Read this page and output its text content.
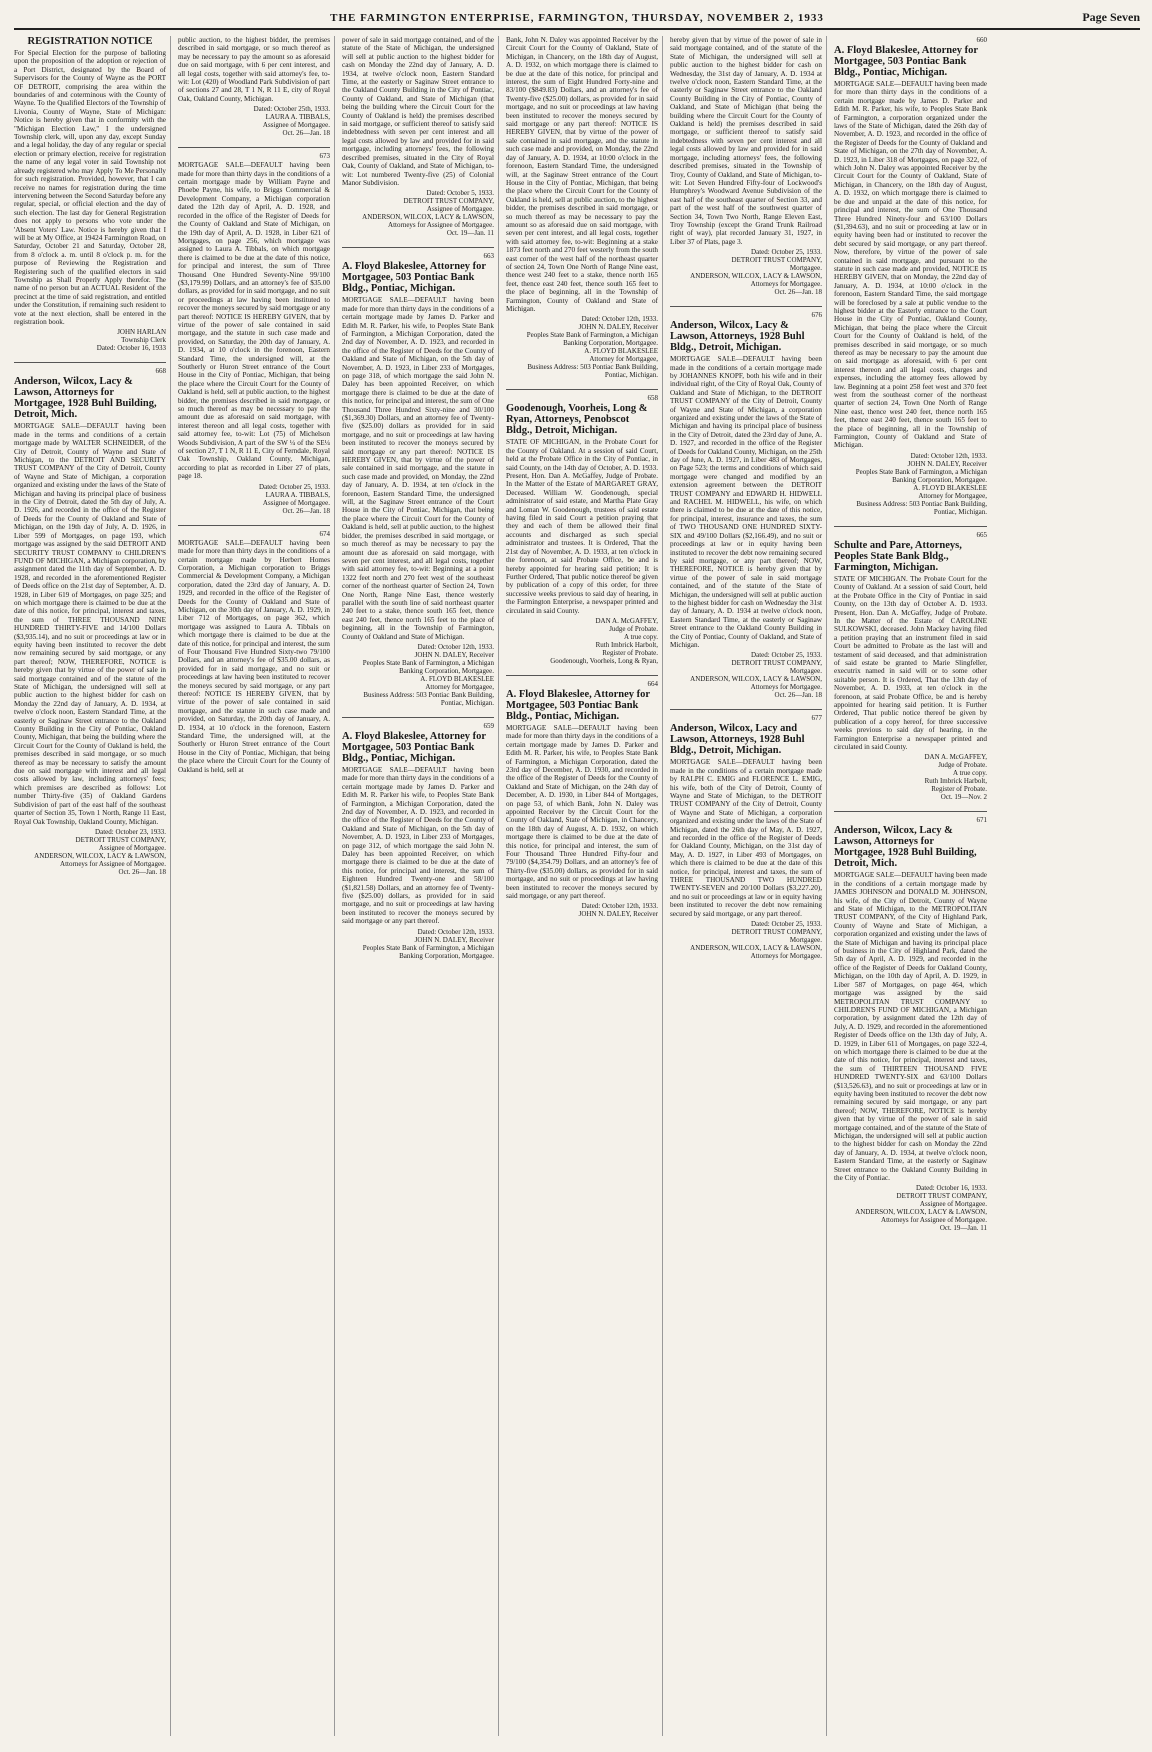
THE FARMINGTON ENTERPRISE, FARMINGTON, THURSDAY, NOVEMBER 2, 1933	Page Seven

REGISTRATION NOTICE

For Special Election for the purpose of balloting upon the proposition of the adoption or rejection of a Port District, designated by the Board of Supervisors for the County of Wayne as the PORT OF DETROIT, comprising the area within the boundaries of and coterminous with the County of Wayne. To the Qualified Electors of the Township of Livonia, County of Wayne, State of Michigan: Notice is hereby given that in conformity with the "Michigan Election Law," I the undersigned Township clerk, will, upon any day, except Sunday and a legal holiday, the day of any regular or special election or primary election, receive for registration the name of any legal voter in said Township not already registered who may Apply To Me Personally for such registration. Provided, however, that I can receive no names for registration during the time intervening between the Second Saturday before any regular, special, or official election and the day of such election. The last day for General Registration does not apply to persons who vote under the 'Absent Voters' Law. Notice is hereby given that I will be at My Office, at 19424 Farmington Road, on Saturday, October 21 and Saturday, October 28, from 8 o'clock a. m. until 8 o'clock p. m. for the purpose of Reviewing the Registration and Registering such of the qualified electors in said Township as Shall Properly Apply therefor. The name of no person but an ACTUAL Resident of the precinct at the time of said registration, and entitled under the Constitution, if remaining such resident to vote at the next election, shall be entered in the registration book.

JOHN HARLAN
Township Clerk
Dated: October 16, 1933
668

Anderson, Wilcox, Lacy & Lawson, Attorneys for Mortgagee, 1928 Buhl Building, Detroit, Mich.

MORTGAGE SALE—DEFAULT having been made in the terms and conditions of a certain mortgage made by WALTER SCHNEIDER, of the City of Detroit, County of Wayne and State of Michigan, to the DETROIT AND SECURITY TRUST COMPANY of the City of Detroit, County of Wayne and State of Michigan, a corporation organized and existing under the laws of the State of Michigan and having its principal place of business in the City of Detroit, dated the 5th day of July, A. D. 1926, and recorded in the office of the Register of Deeds for the County of Oakland and State of Michigan, on the 19th day of July, A. D. 1926, in Liber 599 of Mortgages, on page 193, which mortgage was assigned by the said DETROIT AND SECURITY TRUST COMPANY to CHILDREN'S FUND OF MICHIGAN, a Michigan corporation, by assignment dated the 11th day of September, A. D. 1928, and recorded in the aforementioned Register of Deeds office on the 21st day of September, A. D. 1928, in Liber 619 of Mortgages, on page 325; and on which mortgage there is claimed to be due at the date of this notice, for principal, interest and taxes, the sum of THREE THOUSAND NINE HUNDRED THIRTY-FIVE and 14/100 Dollars ($3,935.14), and no suit or proceedings at law or in equity having been instituted to recover the debt now remaining secured by said mortgage, or any part thereof; NOW, THEREFORE, NOTICE is hereby given that by virtue of the power of sale in said mortgage contained and of the statute of the State of Michigan, the undersigned will sell at public auction to the highest bidder for cash on Monday the 22nd day of January, A. D. 1934, at twelve o'clock noon, Eastern Standard Time, at the easterly or Saginaw Street entrance to the Oakland County Building in the City of Pontiac, Oakland County, Michigan, that being the building where the Circuit Court for the County of Oakland is held, the premises described in said mortgage, or so much thereof as may be necessary to satisfy the amount due on said mortgage with interest and all legal costs allowed by law, including attorneys' fees; which premises are described as follows: Lot number Thirty-five (35) of Oakland Gardens Subdivision of part of the east half of the southeast quarter of Section 35, Town 1 North, Range 11 East, Royal Oak Township, Oakland County, Michigan.

Dated: October 23, 1933.
DETROIT TRUST COMPANY,
Assignee of Mortgagee.
ANDERSON, WILCOX, LACY & LAWSON,
Attorneys for Assignee of Mortgagee.
Oct. 26—Jan. 18

public auction, to the highest bidder, the premises described in said mortgage, or so much thereof as may be necessary to pay the amount so as aforesaid due on said mortgage, with 6 per cent interest, and all legal costs, together with said attorney's fee, to-wit: Lot (420) of Woodland Park Subdivision of part of sections 27 and 28, T 1 N, R 11 E, city of Royal Oak, Oakland County, Michigan.

Dated: October 25th, 1933.
LAURA A. TIBBALS,
Assignee of Mortgagee.
Oct. 26—Jan. 18
673

MORTGAGE SALE—DEFAULT having been made for more than thirty days in the conditions of a certain mortgage made by William Payne and Phoebe Payne, his wife, to Briggs Commercial & Development Company, a Michigan corporation dated the 12th day of April, A. D. 1928, and recorded in the office of the Register of Deeds for the County of Oakland and State of Michigan, on the 19th day of April, A. D. 1928, in Liber 621 of Mortgages, on page 256, which mortgage was assigned to Laura A. Tibbals, on which mortgage there is claimed to be due at the date of this notice, for principal and interest, the sum of Three Thousand One Hundred Seventy-Nine 99/100 ($3,179.99) Dollars, and an attorney's fee of $35.00 dollars, as provided for in said mortgage, and no suit or proceedings at law having been instituted to recover the moneys secured by said mortgage or any part thereof: NOTICE IS HEREBY GIVEN, that by virtue of the power of sale contained in said mortgage, and the statute in such case made and provided, on Saturday, the 20th day of January, A. D. 1934, at 10 o'clock in the forenoon, Eastern Standard Time, the undersigned will, at the Southerly or Huron Street entrance of the Court House in the City of Pontiac, Michigan, that being the place where the Circuit Court for the County of Oakland is held, sell at public auction, to the highest bidder, the premises described in said mortgage, or so much thereof as may be necessary to pay the amount due as aforesaid on said mortgage, with interest thereon and all legal costs, together with said attorney fee, to-wit: Lot (75) of Michelson Woods Subdivision, A part of the SW ¼ of the SE¼ of section 27, T 1 N, R 11 E, City of Ferndale, Royal Oak Township, Oakland County, Michigan, according to plat as recorded in Liber 27 of plats, page 18.

Dated: October 25, 1933.
LAURA A. TIBBALS,
Assignee of Mortgagee.
Oct. 26—Jan. 18
674

MORTGAGE SALE—DEFAULT having been made for more than thirty days in the conditions of a certain mortgage made by Herbert Homes Corporation, a Michigan corporation to Briggs Commercial & Development Company, a Michigan corporation, dated the 23rd day of January, A. D. 1929, and recorded in the office of the Register of Deeds for the County of Oakland and State of Michigan, on the 30th day of January, A. D. 1929, in Liber 712 of Mortgages, on page 362, which mortgage was assigned to Laura A. Tibbals on which mortgage there is claimed to be due at the date of this notice, for principal and interest, the sum of Four Thousand Five Hundred Sixty-two 79/100 Dollars, and an attorney's fee of $35.00 dollars, as provided for in said mortgage, and no suit or proceedings at law having been instituted to recover the moneys secured by said mortgage, or any part thereof: NOTICE IS HEREBY GIVEN, that by virtue of the power of sale contained in said mortgage, and the statute in such case made and provided, on Saturday, the 20th day of January, A. D. 1934, at 10 o'clock in the forenoon, Eastern Standard Time, the undersigned will, at the Southerly or Huron Street entrance of the Court House in the City of Pontiac, Michigan, that being the place where the Circuit Court for the County of Oakland is held, sell at

power of sale in said mortgage contained, and of the statute of the State of Michigan, the undersigned will sell at public auction to the highest bidder for cash on Monday the 22nd day of January, A. D. 1934, at twelve o'clock noon, Eastern Standard Time, at the easterly or Saginaw Street entrance to the Oakland County Building in the City of Pontiac, County of Oakland, and State of Michigan (that being the building where the Circuit Court for the County of Oakland is held) the premises described in said mortgage, or sufficient thereof to satisfy said indebtedness with seven per cent interest and all legal costs allowed by law and provided for in said mortgage, including attorneys' fees, the following described premises, situated in the City of Royal Oak, County of Oakland, and State of Michigan, to-wit: Lot numbered Twenty-five (25) of Colonial Manor Subdivision.

Dated: October 5, 1933.
DETROIT TRUST COMPANY,
Assignee of Mortgagee.
ANDERSON, WILCOX, LACY & LAWSON,
Attorneys for Assignee of Mortgagee.
Oct. 19—Jan. 11
663

A. Floyd Blakeslee, Attorney for Mortgagee, 503 Pontiac Bank Bldg., Pontiac, Michigan.

MORTGAGE SALE—DEFAULT having been made for more than thirty days in the conditions of a certain mortgage made by James D. Parker and Edith M. R. Parker, his wife, to Peoples State Bank of Farmington, a Michigan Corporation, dated the 2nd day of November, A. D. 1923, and recorded in the office of the Register of Deeds for the County of Oakland and State of Michigan, on the 5th day of November, A. D. 1923, in Liber 233 of Mortgages, on page 318, of which mortgage the said John N. Daley has been appointed Receiver, on which mortgage there is claimed to be due at the date of this notice, for principal and interest, the sum of One Thousand Three Hundred Sixty-nine and 30/100 ($1,369.30) Dollars, and an attorney fee of Twenty-five ($25.00) dollars as provided for in said mortgage, and no suit or proceedings at law having been instituted to recover the moneys secured by said mortgage or any part thereof: NOTICE IS HEREBY GIVEN, that by virtue of the power of sale contained in said mortgage, and the statute in such case made and provided, on Monday, the 22nd day of January, A. D. 1934, at ten o'clock in the forenoon, Eastern Standard Time, the undersigned will, at the Saginaw Street entrance of the Court House in the City of Pontiac, Michigan, that being the place where the Circuit Court for the County of Oakland is held, sell at public auction, to the highest bidder, the premises described in said mortgage, or so much thereof as may be necessary to pay the amount due as aforesaid on said mortgage, with seven per cent interest, and all legal costs, together with said attorney fee, to-wit: Beginning at a point 1322 feet north and 270 feet west of the southeast corner of the northeast quarter of Section 24, Town One North, Range Nine East, thence westerly parallel with the south line of said northeast quarter 240 feet to a stake, thence south 165 feet, thence east 240 feet, thence north 165 feet to the place of beginning, all in the Township of Farmington, County of Oakland and State of Michigan.

Dated: October 12th, 1933.
JOHN N. DALEY, Receiver
Peoples State Bank of Farmington, a Michigan Banking Corporation, Mortgagee.
A. FLOYD BLAKESLEE
Attorney for Mortgagee,
Business Address: 503 Pontiac Bank Building, Pontiac, Michigan.
659

A. Floyd Blakeslee, Attorney for Mortgagee, 503 Pontiac Bank Bldg., Pontiac, Michigan.

MORTGAGE SALE—DEFAULT having been made for more than thirty days in the conditions of a certain mortgage made by James D. Parker and Edith M. R. Parker his wife, to Peoples State Bank of Farmington, a Michigan Corporation, dated the 2nd day of November, A. D. 1923, and recorded in the office of the Register of Deeds for the County of Oakland and State of Michigan, on the 5th day of November, A. D. 1923, in Liber 233 of Mortgages, on page 312, of which mortgage the said John N. Daley has been appointed Receiver, on which mortgage there is claimed to be due at the date of this notice, for principal and interest, the sum of Eighteen Hundred Twenty-one and 58/100 ($1,821.58) Dollars, and an attorney fee of Twenty-five ($25.00) dollars, as provided for in said mortgage, and no suit or proceedings at law having been instituted to recover the moneys secured by said mortgage or any part thereof.

Dated: October 12th, 1933.
JOHN N. DALEY, Receiver
Peoples State Bank of Farmington, a Michigan Banking Corporation, Mortgagee.

Bank, John N. Daley was appointed Receiver by the Circuit Court for the County of Oakland, State of Michigan, in Chancery, on the 18th day of August, A. D. 1932, on which mortgage there is claimed to be due at the date of this notice, for principal and interest, the sum of Eight Hundred Forty-nine and 83/100 ($849.83) Dollars, and an attorney's fee of Twenty-five ($25.00) dollars, as provided for in said mortgage, and no suit or proceedings at law having been instituted to recover the moneys secured by said mortgage or any part thereof: NOTICE IS HEREBY GIVEN, that by virtue of the power of sale contained in said mortgage, and the statute in such case made and provided, on Monday, the 22nd day of January, A. D. 1934, at 10:00 o'clock in the forenoon, Eastern Standard Time, the undersigned will, at the Saginaw Street entrance of the Court House in the City of Pontiac, Michigan, that being the place where the Circuit Court for the County of Oakland is held, sell at public auction, to the highest bidder, the premises described in said mortgage, or so much thereof as may be necessary to pay the amount so as aforesaid due on said mortgage, with seven per cent interest, and all legal costs, together with said attorney fee, to-wit: Beginning at a stake 1873 feet north and 270 feet westerly from the south east corner of the west half of the northeast quarter of section 24, Town One North of Range Nine east, thence west 240 feet to a stake, thence north 165 feet, thence east 240 feet, thence south 165 feet to the place of beginning, all in the Township of Farmington, County of Oakland and State of Michigan.

Dated: October 12th, 1933.
JOHN N. DALEY, Receiver
Peoples State Bank of Farmington, a Michigan Banking Corporation, Mortgagee.
A. FLOYD BLAKESLEE
Attorney for Mortgagee,
Business Address: 503 Pontiac Bank Building, Pontiac, Michigan.
658

Goodenough, Voorheis, Long & Ryan, Attorneys, Penobscot Bldg., Detroit, Michigan.

STATE OF MICHIGAN, in the Probate Court for the County of Oakland. At a session of said Court, held at the Probate Office in the City of Pontiac, in said County, on the 14th day of October, A. D. 1933. Present, Hon. Dan A. McGaffey, Judge of Probate. In the Matter of the Estate of MARGARET GRAY, Deceased. William W. Goodenough, special administrator of said estate, and Martha Plate Gray and Loman W. Goodenough, trustees of said estate having filed in said Court a petition praying that they and each of them be allowed their final accounts and discharged as such special administrator and trustees. It is Ordered, That the 21st day of November, A. D. 1933, at ten o'clock in the forenoon, at said Probate Office, be and is hereby appointed for hearing said petition; It is Further Ordered, That public notice thereof be given by publication of a copy of this order, for three successive weeks previous to said day of hearing, in the Farmington Enterprise, a newspaper printed and circulated in said County.

DAN A. McGAFFEY,
Judge of Probate.
A true copy.
Ruth Imbrick Harbolt,
Register of Probate.
Goodenough, Voorheis, Long & Ryan,
664

A. Floyd Blakeslee, Attorney for Mortgagee, 503 Pontiac Bank Bldg., Pontiac, Michigan.

MORTGAGE SALE—DEFAULT having been made for more than thirty days in the conditions of a certain mortgage made by James D. Parker and Edith M. R. Parker, his wife, to Peoples State Bank of Farmington, a Michigan Corporation, dated the 23rd day of December, A. D. 1930, and recorded in the office of the Register of Deeds for the County of Oakland and State of Michigan, on the 24th day of December, A. D. 1930, in Liber 844 of Mortgages, on page 53, of which Bank, John N. Daley was appointed Receiver by the Circuit Court for the County of Oakland, State of Michigan, in Chancery, on the 18th day of August, A. D. 1932, on which mortgage there is claimed to be due at the date of this notice, for principal and interest, the sum of Four Thousand Three Hundred Fifty-four and 79/100 ($4,354.79) Dollars, and an attorney's fee of Thirty-five ($35.00) dollars, as provided for in said mortgage, and no suit or proceedings at law having been instituted to recover the moneys secured by said mortgage, or any part thereof.

Dated: October 12th, 1933.
JOHN N. DALEY, Receiver

hereby given that by virtue of the power of sale in said mortgage contained, and of the statute of the State of Michigan, the undersigned will sell at public auction to the highest bidder for cash on Wednesday, the 31st day of January, A. D. 1934 at twelve o'clock noon, Eastern Standard Time, at the easterly or Saginaw Street entrance to the Oakland County Building in the City of Pontiac, County of Oakland, and State of Michigan (that being the building where the Circuit Court for the County of Oakland is held) the premises described in said mortgage, or sufficient thereof to satisfy said indebtedness with seven per cent interest and all legal costs allowed by law and provided for in said mortgage, including attorneys' fees, the following described premises, situated in the Township of Troy, County of Oakland, and State of Michigan, to-wit: Lot Seven Hundred Fifty-four of Lockwood's Humphrey's Woodward Avenue Subdivision of the east half of the southeast quarter of Section 33, and part of the west half of the southwest quarter of Section 34, Town Two North, Range Eleven East, Troy Township (except the Grand Trunk Railroad right of way), plat recorded January 31, 1927, in Liber 37 of Plats, page 3.

Dated: October 25, 1933.
DETROIT TRUST COMPANY,
Mortgagee.
ANDERSON, WILCOX, LACY & LAWSON,
Attorneys for Mortgagee.
Oct. 26—Jan. 18
676

Anderson, Wilcox, Lacy & Lawson, Attorneys, 1928 Buhl Bldg., Detroit, Michigan.

MORTGAGE SALE—DEFAULT having been made in the conditions of a certain mortgage made by JOHANNES KNOPF, both his wife and in their individual right, of the City of Royal Oak, County of Oakland and State of Michigan, to the DETROIT TRUST COMPANY of the City of Detroit, County of Wayne and State of Michigan, a corporation organized and existing under the laws of the State of Michigan and having its principal place of business in the City of Detroit, dated the 23rd day of June, A. D. 1927, and recorded in the office of the Register of Deeds for Oakland County, Michigan, on the 25th day of June, A. D. 1927, in Liber 483 of Mortgages, on Page 523; the terms and conditions of which said mortgage were changed and modified by an extension agreement between the DETROIT TRUST COMPANY and EDWARD H. HIDWELL and RACHEL M. HIDWELL, his wife, on which there is claimed to be due at the date of this notice, for principal, interest, insurance and taxes, the sum of TWO THOUSAND ONE HUNDRED SIXTY-SIX and 49/100 Dollars ($2,166.49), and no suit or proceedings at law or in equity having been instituted to recover the debt now remaining secured by said mortgage, or any part thereof; NOW, THEREFORE, NOTICE is hereby given that by virtue of the power of sale in said mortgage contained, and of the statute of the State of Michigan, the undersigned will sell at public auction to the highest bidder for cash on Wednesday the 31st day of January, A. D. 1934 at twelve o'clock noon, Eastern Standard Time, at the easterly or Saginaw Street entrance to the Oakland County Building in the City of Pontiac, County of Oakland, and State of Michigan.

Dated: October 25, 1933.
DETROIT TRUST COMPANY,
Mortgagee.
ANDERSON, WILCOX, LACY & LAWSON,
Attorneys for Mortgagee.
Oct. 26—Jan. 18
677

Anderson, Wilcox, Lacy and Lawson, Attorneys, 1928 Buhl Bldg., Detroit, Michigan.

MORTGAGE SALE—DEFAULT having been made in the conditions of a certain mortgage made by RALPH C. EMIG and FLORENCE L. EMIG, his wife, both of the City of Detroit, County of Wayne and State of Michigan, to the DETROIT TRUST COMPANY of the City of Detroit, County of Wayne and State of Michigan, a corporation organized and existing under the laws of the State of Michigan, dated the 26th day of May, A. D. 1927, and recorded in the office of the Register of Deeds for Oakland County, Michigan, on the 31st day of May, A. D. 1927, in Liber 493 of Mortgages, on which there is claimed to be due at the date of this notice, for principal, interest and taxes, the sum of THREE THOUSAND TWO HUNDRED TWENTY-SEVEN and 20/100 Dollars ($3,227.20), and no suit or proceedings at law or in equity having been instituted to recover the debt now remaining secured by said mortgage, or any part thereof.

Dated: October 25, 1933.
DETROIT TRUST COMPANY,
Mortgagee.
ANDERSON, WILCOX, LACY & LAWSON,
Attorneys for Mortgagee.
660

A. Floyd Blakeslee, Attorney for Mortgagee, 503 Pontiac Bank Bldg., Pontiac, Michigan.

MORTGAGE SALE—DEFAULT having been made for more than thirty days in the conditions of a certain mortgage made by James D. Parker and Edith M. R. Parker, his wife, to Peoples State Bank of Farmington, a corporation organized under the laws of the State of Michigan, dated the 26th day of November, A. D. 1923, and recorded in the office of the Register of Deeds for the County of Oakland and State of Michigan, on the 27th day of November, A. D. 1923, in Liber 318 of Mortgages, on page 322, of which John N. Daley was appointed Receiver by the Circuit Court for the County of Oakland, State of Michigan, in Chancery, on the 18th day of August, A. D. 1932, on which mortgage there is claimed to be due and unpaid at the date of this notice, for principal and interest, the sum of One Thousand Three Hundred Ninety-four and 63/100 Dollars ($1,394.63), and no suit or proceeding at law or in equity having been had or instituted to recover the debt secured by said mortgage, or any part thereof. Now, therefore, by virtue of the power of sale contained in said mortgage, and pursuant to the statute in such case made and provided, NOTICE IS HEREBY GIVEN, that on Monday, the 22nd day of January, A. D. 1934, at 10:00 o'clock in the forenoon, Eastern Standard Time, the said mortgage will be foreclosed by a sale at public vendue to the highest bidder at the Easterly entrance to the Court House in the City of Pontiac, Oakland County, Michigan, that being the place where the Circuit Court for the County of Oakland is held, of the premises described in said mortgage, or so much thereof as may be necessary to pay the amount due on said mortgage as aforesaid, with 6 per cent interest thereon and all legal costs, charges and expenses, including the attorney fees allowed by law. Beginning at a point 258 feet west and 370 feet west from the southeast corner of the northeast quarter of section 24, Town One North of Range Nine east, thence west 240 feet, thence north 165 feet, thence east 240 feet, thence south 165 feet to the place of beginning, all in the Township of Farmington, County of Oakland and State of Michigan.

Dated: October 12th, 1933.
JOHN N. DALEY, Receiver
Peoples State Bank of Farmington, a Michigan Banking Corporation, Mortgagee.
A. FLOYD BLAKESLEE
Attorney for Mortgagee,
Business Address: 503 Pontiac Bank Building, Pontiac, Michigan.
665

Schulte and Pare, Attorneys, Peoples State Bank Bldg., Farmington, Michigan.

STATE OF MICHIGAN. The Probate Court for the County of Oakland. At a session of said Court, held at the Probate Office in the City of Pontiac in said County, on the 13th day of October A. D. 1933. Present, Hon. Dan A. McGaffey, Judge of Probate. In the Matter of the Estate of CAROLINE SULKOWSKI, deceased. John Mackey having filed a petition praying that an instrument filed in said Court be admitted to Probate as the last will and testament of said deceased, and that administration of said estate be granted to Marie Slingfeller, executrix named in said will or to some other suitable person. It is Ordered, That the 13th day of November, A. D. 1933, at ten o'clock in the forenoon, at said Probate Office, be and is hereby appointed for hearing said petition. It is Further Ordered, That public notice thereof be given by publication of a copy hereof, for three successive weeks previous to said day of hearing, in the Farmington Enterprise a newspaper printed and circulated in said County.

DAN A. McGAFFEY,
Judge of Probate.
A true copy.
Ruth Imbrick Harbolt,
Register of Probate.
Oct. 19—Nov. 2
671

Anderson, Wilcox, Lacy & Lawson, Attorneys for Mortgagee, 1928 Buhl Building, Detroit, Mich.

MORTGAGE SALE—DEFAULT having been made in the conditions of a certain mortgage made by JAMES JOHNSON and DONALD M. JOHNSON, his wife, of the City of Detroit, County of Wayne and State of Michigan, to the METROPOLITAN TRUST COMPANY, of the City of Highland Park, County of Wayne and State of Michigan, a corporation organized and existing under the laws of the State of Michigan and having its principal place of business in the City of Highland Park, dated the 5th day of April, A. D. 1929, and recorded in the office of the Register of Deeds for Oakland County, Michigan, on the 10th day of April, A. D. 1929, in Liber 587 of Mortgages, on page 464, which mortgage was assigned by the said METROPOLITAN TRUST COMPANY to CHILDREN'S FUND OF MICHIGAN, a Michigan corporation, by assignment dated the 12th day of July, A. D. 1929, and recorded in the aforementioned Register of Deeds office on the 13th day of July, A. D. 1929, in Liber 611 of Mortgages, on page 322-4, on which mortgage there is claimed to be due at the date of this notice, for principal, interest and taxes, the sum of THIRTEEN THOUSAND FIVE HUNDRED TWENTY-SIX and 63/100 Dollars ($13,526.63), and no suit or proceedings at law or in equity having been instituted to recover the debt now remaining secured by said mortgage, or any part thereof; NOW, THEREFORE, NOTICE is hereby given that by virtue of the power of sale in said mortgage contained, and of the statute of the State of Michigan, the undersigned will sell at public auction to the highest bidder for cash on Monday the 22nd day of January, A. D. 1934, at twelve o'clock noon, Eastern Standard Time, at the easterly or Saginaw Street entrance to the Oakland County Building in the City of Pontiac.

Dated: October 16, 1933.
DETROIT TRUST COMPANY,
Assignee of Mortgagee.
ANDERSON, WILCOX, LACY & LAWSON,
Attorneys for Assignee of Mortgagee.
Oct. 19—Jan. 11
